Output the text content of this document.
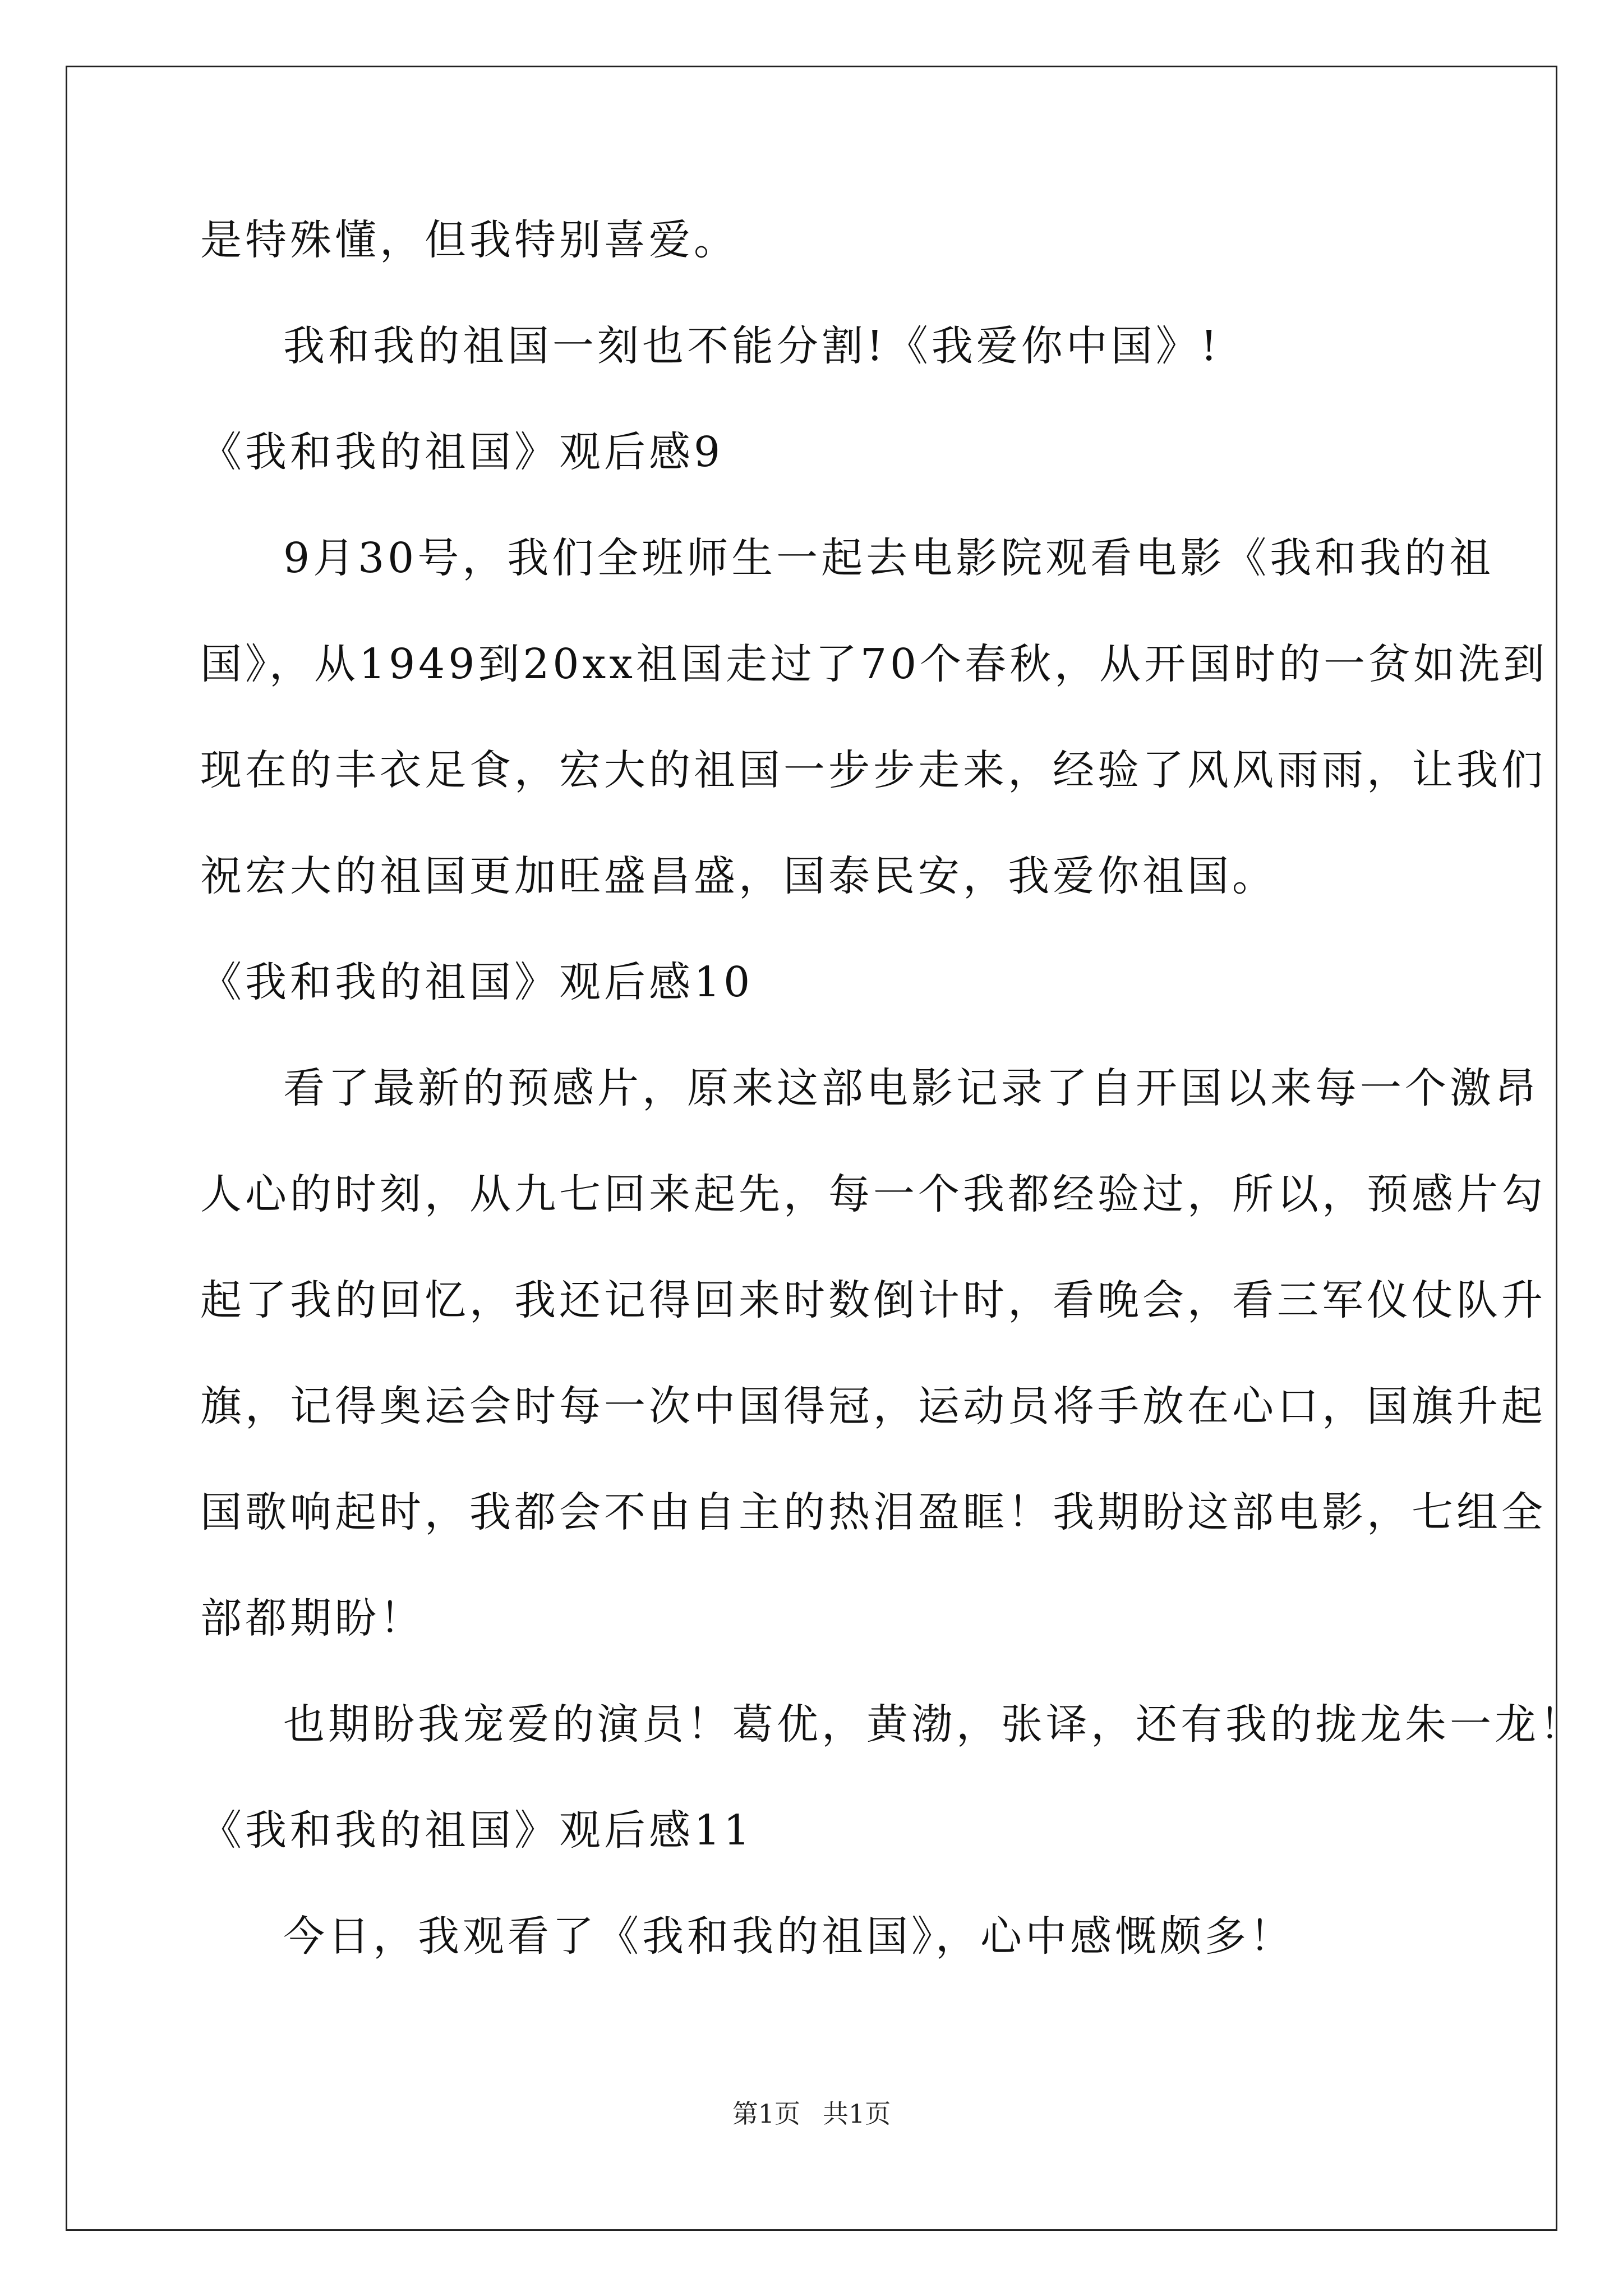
是特殊懂，但我特别喜爱。
我和我的祖国一刻也不能分割!《我爱你中国》!
《我和我的祖国》观后感9
9月30号，我们全班师生一起去电影院观看电影《我和我的祖
国》，从1949到20xx祖国走过了70个春秋，从开国时的一贫如洗到
现在的丰衣足食，宏大的祖国一步步走来，经验了风风雨雨，让我们
祝宏大的祖国更加旺盛昌盛，国泰民安，我爱你祖国。
《我和我的祖国》观后感10
看了最新的预感片，原来这部电影记录了自开国以来每一个激昂
人心的时刻，从九七回来起先，每一个我都经验过，所以，预感片勾
起了我的回忆，我还记得回来时数倒计时，看晚会，看三军仪仗队升
旗，记得奥运会时每一次中国得冠，运动员将手放在心口，国旗升起
国歌响起时，我都会不由自主的热泪盈眶！我期盼这部电影，七组全
部都期盼！
也期盼我宠爱的演员！葛优，黄渤，张译，还有我的拢龙朱一龙！
《我和我的祖国》观后感11
今日，我观看了《我和我的祖国》，心中感慨颇多！
第1页 共1页
